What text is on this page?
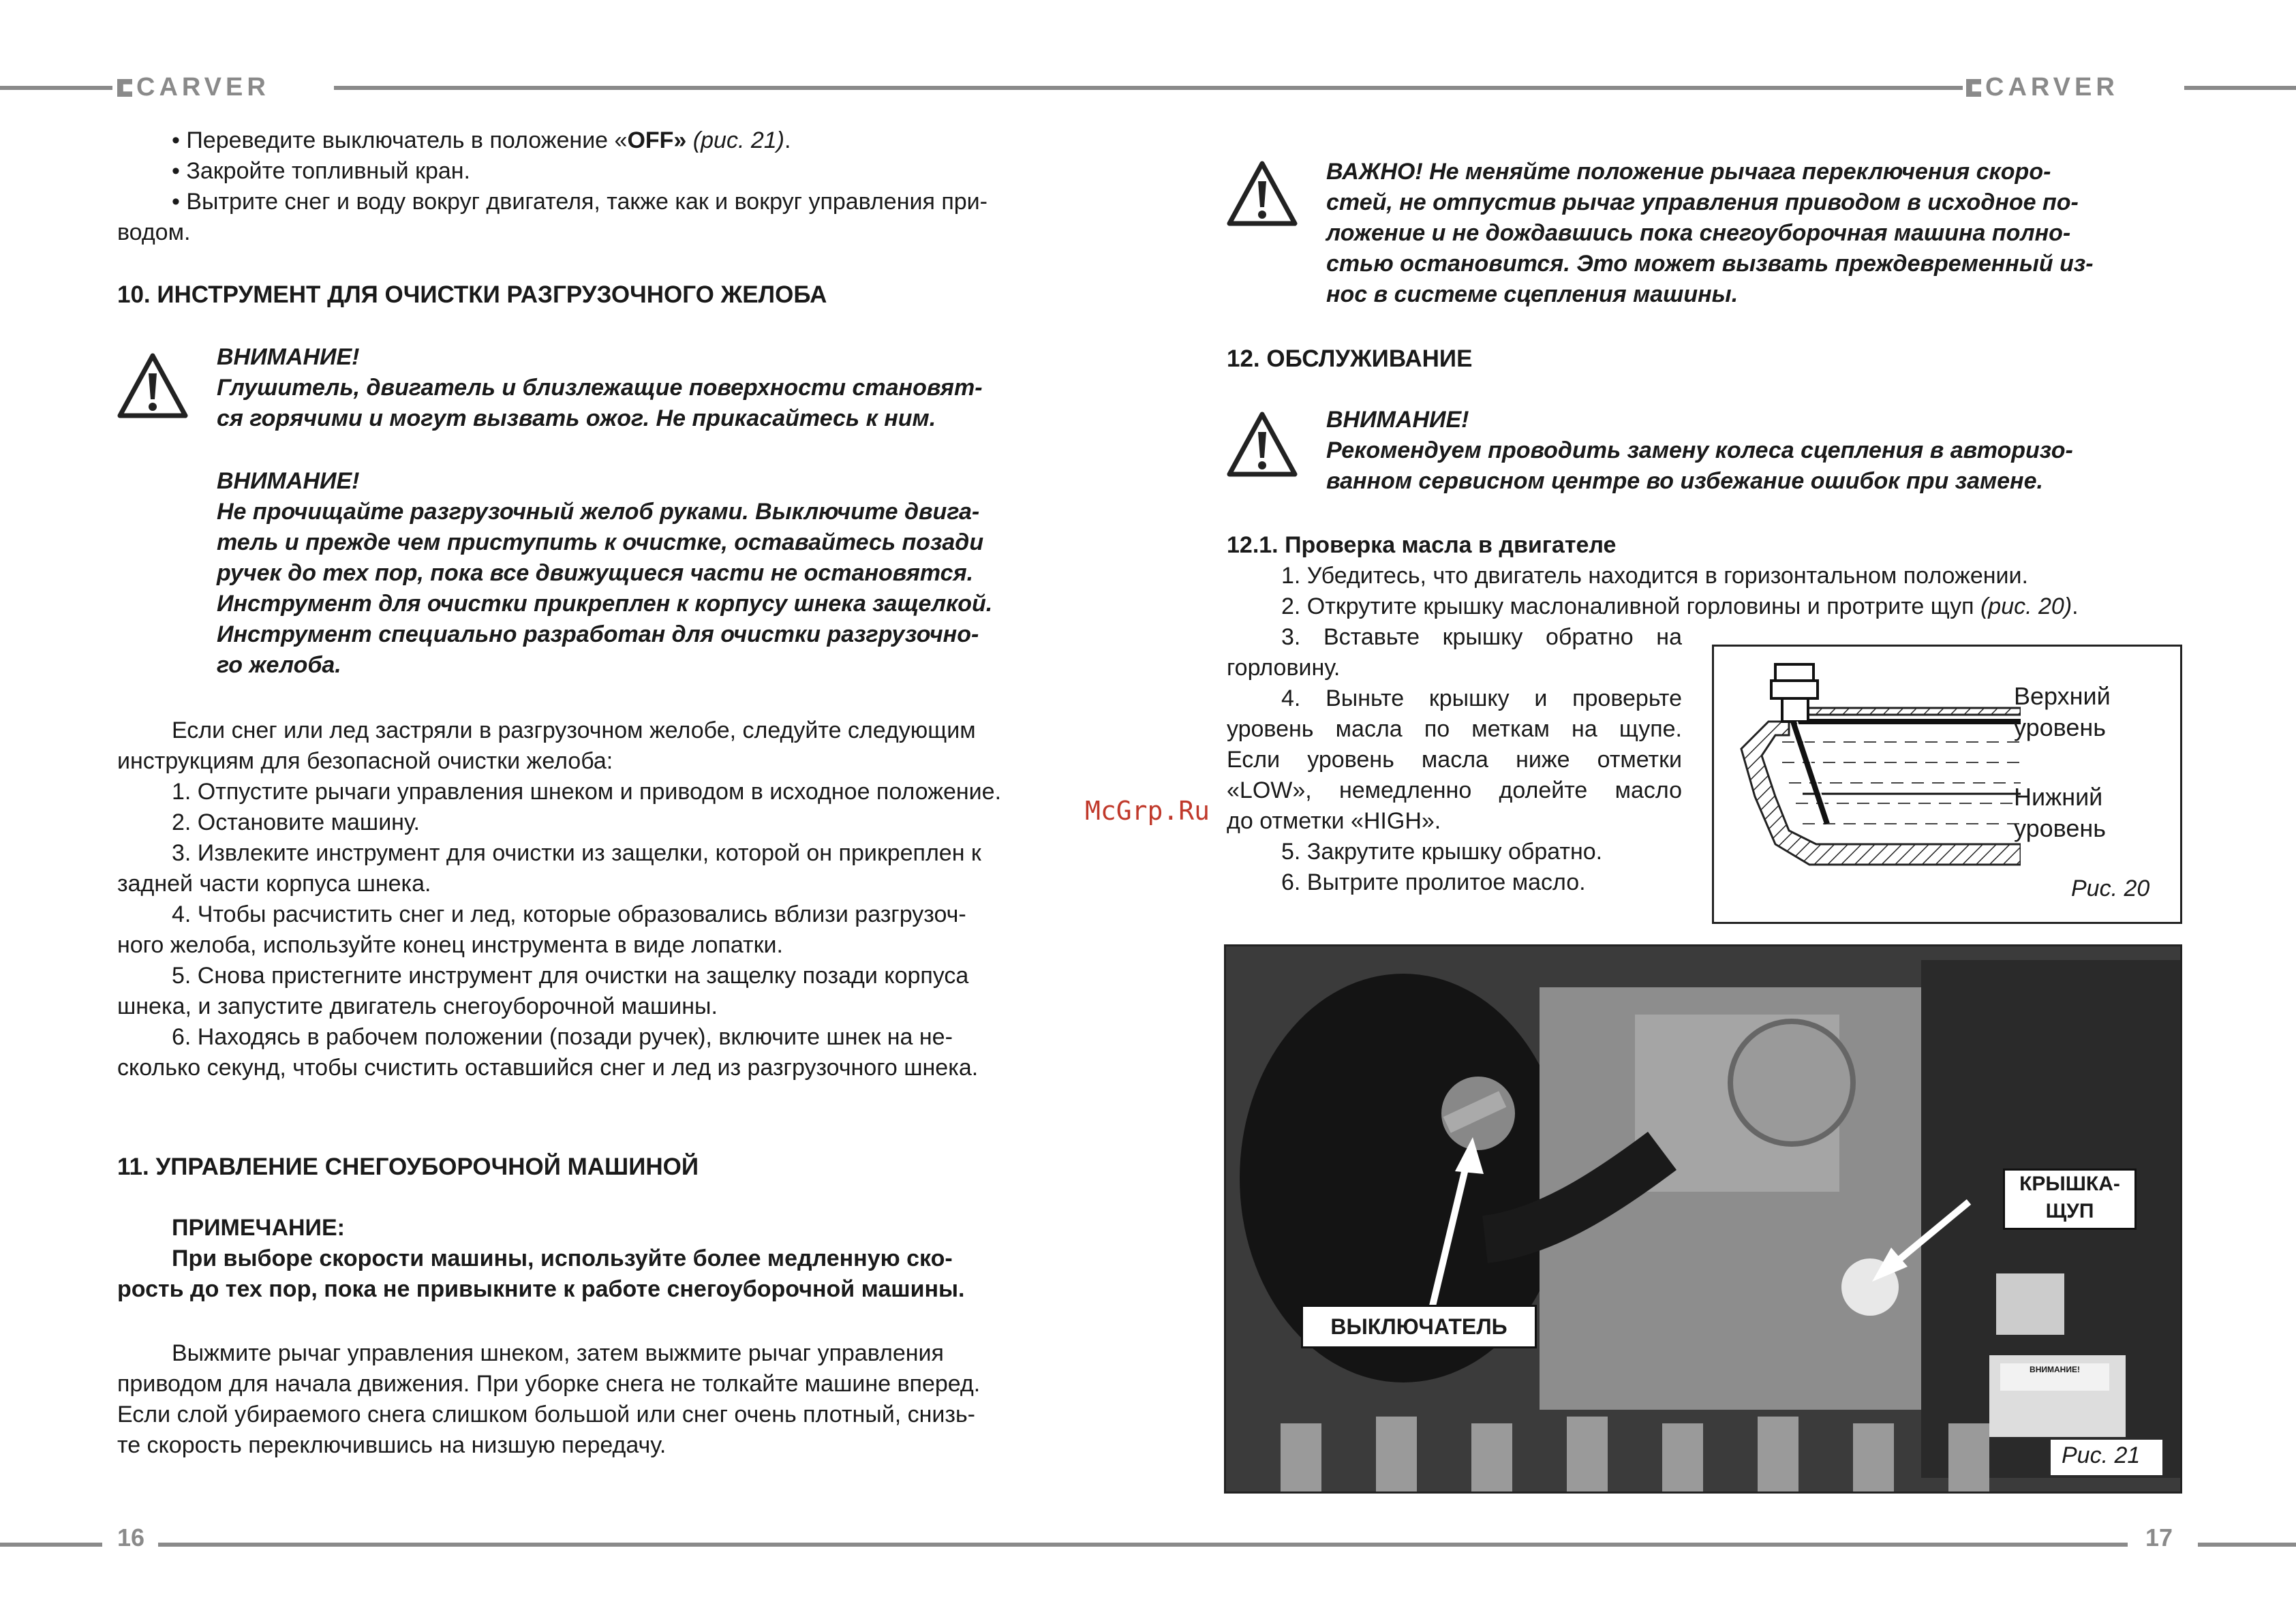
CARVER	CARVER
16	17

• Переведите выключатель в положение «OFF» (рис. 21).

• Закройте топливный кран.

• Вытрите снег и воду вокруг двигателя, также как и вокруг управления при-

водом.

10. ИНСТРУМЕНТ ДЛЯ ОЧИСТКИ РАЗГРУЗОЧНОГО ЖЕЛОБА

ВНИМАНИЕ!

Глушитель, двигатель и близлежащие поверхности становят-

ся горячими и могут вызвать ожог. Не прикасайтесь к ним.

ВНИМАНИЕ!

Не прочищайте разгрузочный желоб руками. Выключите двига-

тель и прежде чем приступить к очистке, оставайтесь позади

ручек до тех пор, пока все движущиеся части не остановятся.

Инструмент для очистки прикреплен к корпусу шнека защелкой.

Инструмент специально разработан для очистки разгрузочно-

го желоба.

Если снег или лед застряли в разгрузочном желобе, следуйте следующим

инструкциям для безопасной очистки желоба:

1. Отпустите рычаги управления шнеком и приводом в исходное положение.

2. Остановите машину.

3. Извлеките инструмент для очистки из защелки, которой он прикреплен к

задней части корпуса шнека.

4. Чтобы расчистить снег и лед, которые образовались вблизи разгрузоч-

ного желоба, используйте конец инструмента в виде лопатки.

5. Снова пристегните инструмент для очистки на защелку позади корпуса

шнека, и запустите двигатель снегоуборочной машины.

6. Находясь в рабочем положении (позади ручек), включите шнек на не-

сколько секунд, чтобы счистить оставшийся снег и лед из разгрузочного шнека.

11. УПРАВЛЕНИЕ СНЕГОУБОРОЧНОЙ МАШИНОЙ

ПРИМЕЧАНИЕ:

При выборе скорости машины, используйте более медленную ско-

рость до тех пор, пока не привыкните к работе снегоуборочной машины.

Выжмите рычаг управления шнеком, затем выжмите рычаг управления

приводом для начала движения. При уборке снега не толкайте машине вперед.

Если слой убираемого снега слишком большой или снег очень плотный, снизь-

те скорость переключившись на низшую передачу.

McGrp.Ru

ВАЖНО! Не меняйте положение рычага переключения скоро-

стей, не отпустив рычаг управления приводом в исходное по-

ложение и не дождавшись пока снегоуборочная машина полно-

стью остановится. Это может вызвать преждевременный из-

нос в системе сцепления машины.

12. ОБСЛУЖИВАНИЕ

ВНИМАНИЕ!

Рекомендуем проводить замену колеса сцепления в авторизо-

ванном сервисном центре во избежание ошибок при замене.

12.1. Проверка масла в двигателе

1. Убедитесь, что двигатель находится в горизонтальном положении.

2. Открутите крышку маслоналивной горловины и протрите щуп (рис. 20).

3. Вставьте крышку обратно на

горловину.

4. Выньте крышку и проверьте

уровень масла по меткам на щупе.

Если уровень масла ниже отметки

«LOW», немедленно долейте масло

до отметки «HIGH».

5. Закрутите крышку обратно.

6. Вытрите пролитое масло.

Верхний
уровень
Нижний
уровень
Рис. 20
ВЫКЛЮЧАТЕЛЬ
КРЫШКА-
ЩУП
ВНИМАНИЕ!
Рис. 21
